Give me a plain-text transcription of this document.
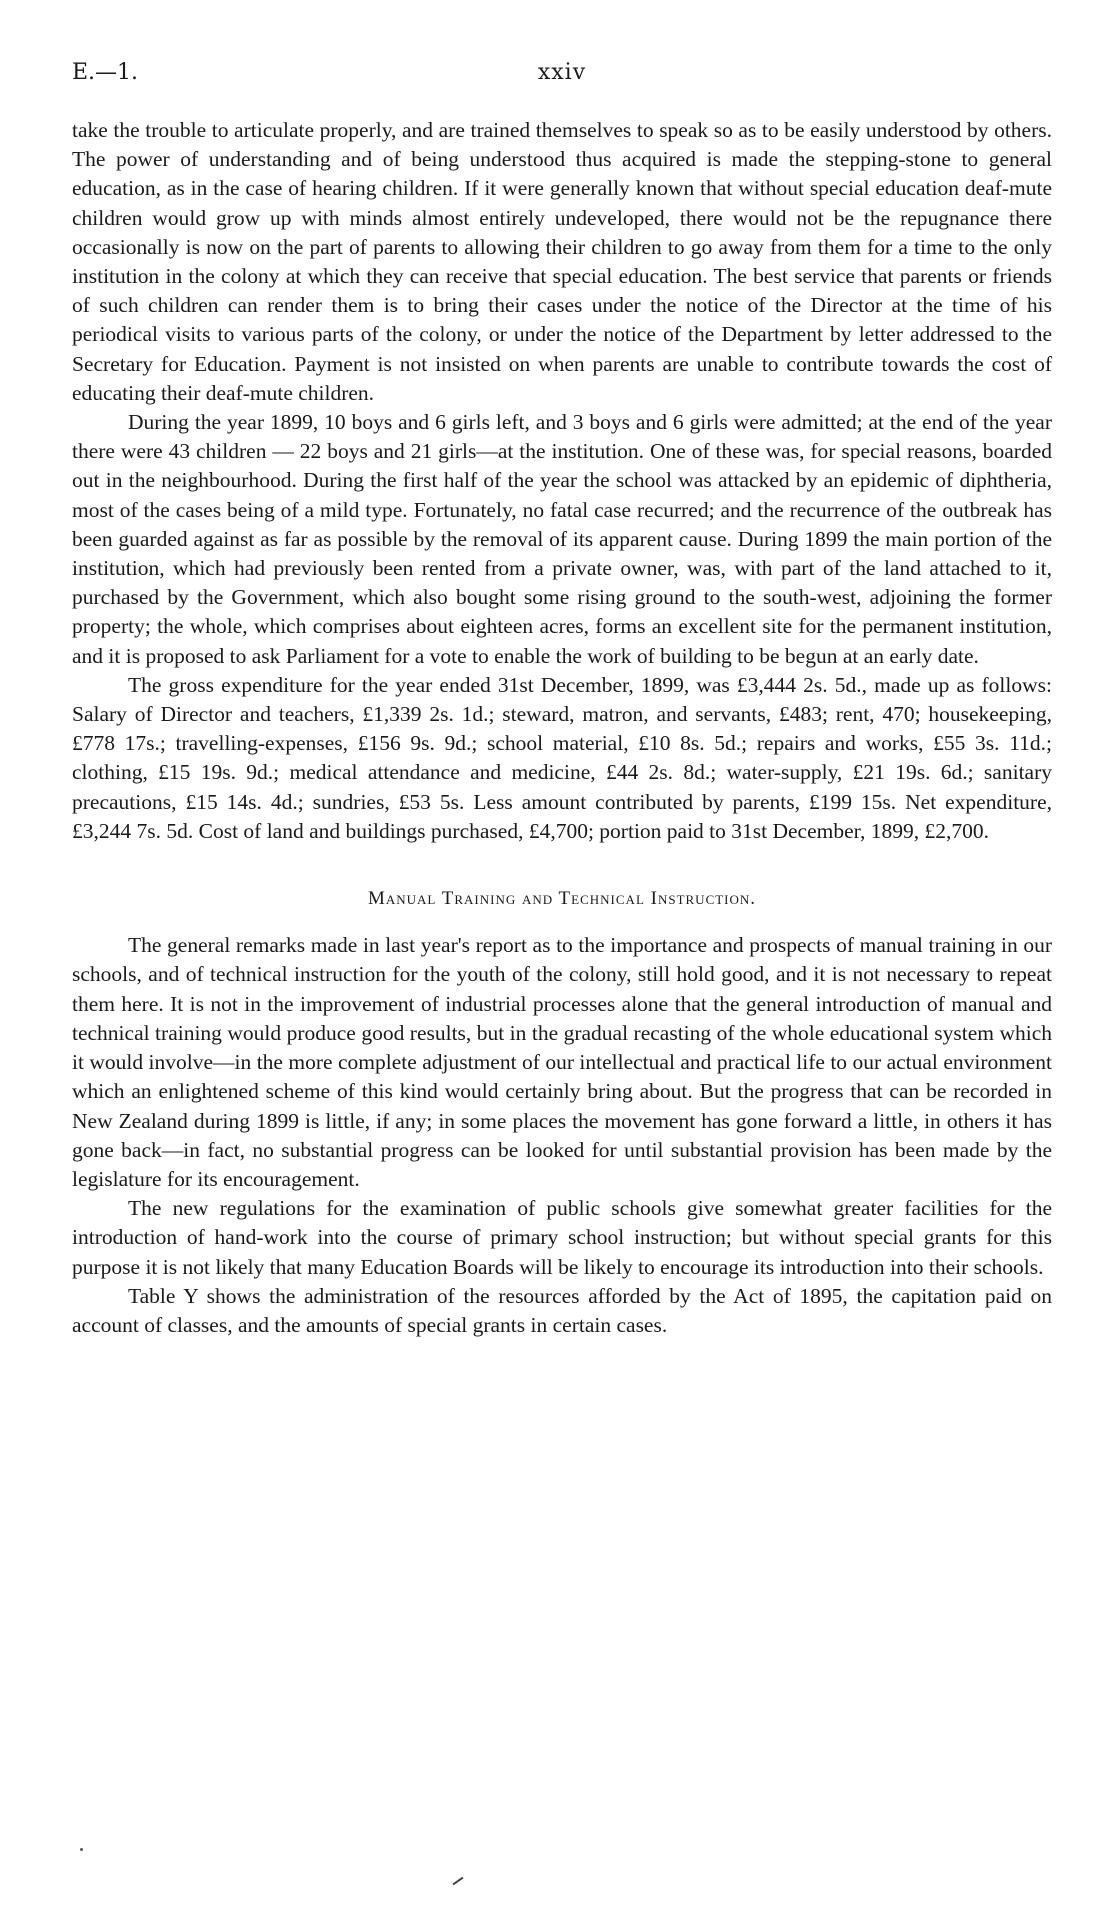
E.—1.	xxiv

take the trouble to articulate properly, and are trained themselves to speak so as to be easily understood by others. The power of understanding and of being understood thus acquired is made the stepping-stone to general education, as in the case of hearing children. If it were generally known that without special education deaf-mute children would grow up with minds almost entirely undeveloped, there would not be the repugnance there occasionally is now on the part of parents to allowing their children to go away from them for a time to the only institution in the colony at which they can receive that special education. The best service that parents or friends of such children can render them is to bring their cases under the notice of the Director at the time of his periodical visits to various parts of the colony, or under the notice of the Department by letter addressed to the Secretary for Education. Payment is not insisted on when parents are unable to contribute towards the cost of educating their deaf-mute children.

During the year 1899, 10 boys and 6 girls left, and 3 boys and 6 girls were admitted; at the end of the year there were 43 children — 22 boys and 21 girls—at the institution. One of these was, for special reasons, boarded out in the neighbourhood. During the first half of the year the school was attacked by an epidemic of diphtheria, most of the cases being of a mild type. Fortunately, no fatal case recurred; and the recurrence of the outbreak has been guarded against as far as possible by the removal of its apparent cause. During 1899 the main portion of the institution, which had previously been rented from a private owner, was, with part of the land attached to it, purchased by the Government, which also bought some rising ground to the south-west, adjoining the former property; the whole, which comprises about eighteen acres, forms an excellent site for the permanent institution, and it is proposed to ask Parliament for a vote to enable the work of building to be begun at an early date.

The gross expenditure for the year ended 31st December, 1899, was £3,444 2s. 5d., made up as follows: Salary of Director and teachers, £1,339 2s. 1d.; steward, matron, and servants, £483; rent, 470; housekeeping, £778 17s.; travelling-expenses, £156 9s. 9d.; school material, £10 8s. 5d.; repairs and works, £55 3s. 11d.; clothing, £15 19s. 9d.; medical attendance and medicine, £44 2s. 8d.; water-supply, £21 19s. 6d.; sanitary precautions, £15 14s. 4d.; sundries, £53 5s. Less amount contributed by parents, £199 15s. Net expenditure, £3,244 7s. 5d. Cost of land and buildings purchased, £4,700; portion paid to 31st December, 1899, £2,700.

Manual Training and Technical Instruction.

The general remarks made in last year's report as to the importance and prospects of manual training in our schools, and of technical instruction for the youth of the colony, still hold good, and it is not necessary to repeat them here. It is not in the improvement of industrial processes alone that the general introduction of manual and technical training would produce good results, but in the gradual recasting of the whole educational system which it would involve—in the more complete adjustment of our intellectual and practical life to our actual environment which an enlightened scheme of this kind would certainly bring about. But the progress that can be recorded in New Zealand during 1899 is little, if any; in some places the movement has gone forward a little, in others it has gone back—in fact, no substantial progress can be looked for until substantial provision has been made by the legislature for its encouragement.

The new regulations for the examination of public schools give somewhat greater facilities for the introduction of hand-work into the course of primary school instruction; but without special grants for this purpose it is not likely that many Education Boards will be likely to encourage its introduction into their schools.

Table Y shows the administration of the resources afforded by the Act of 1895, the capitation paid on account of classes, and the amounts of special grants in certain cases.
